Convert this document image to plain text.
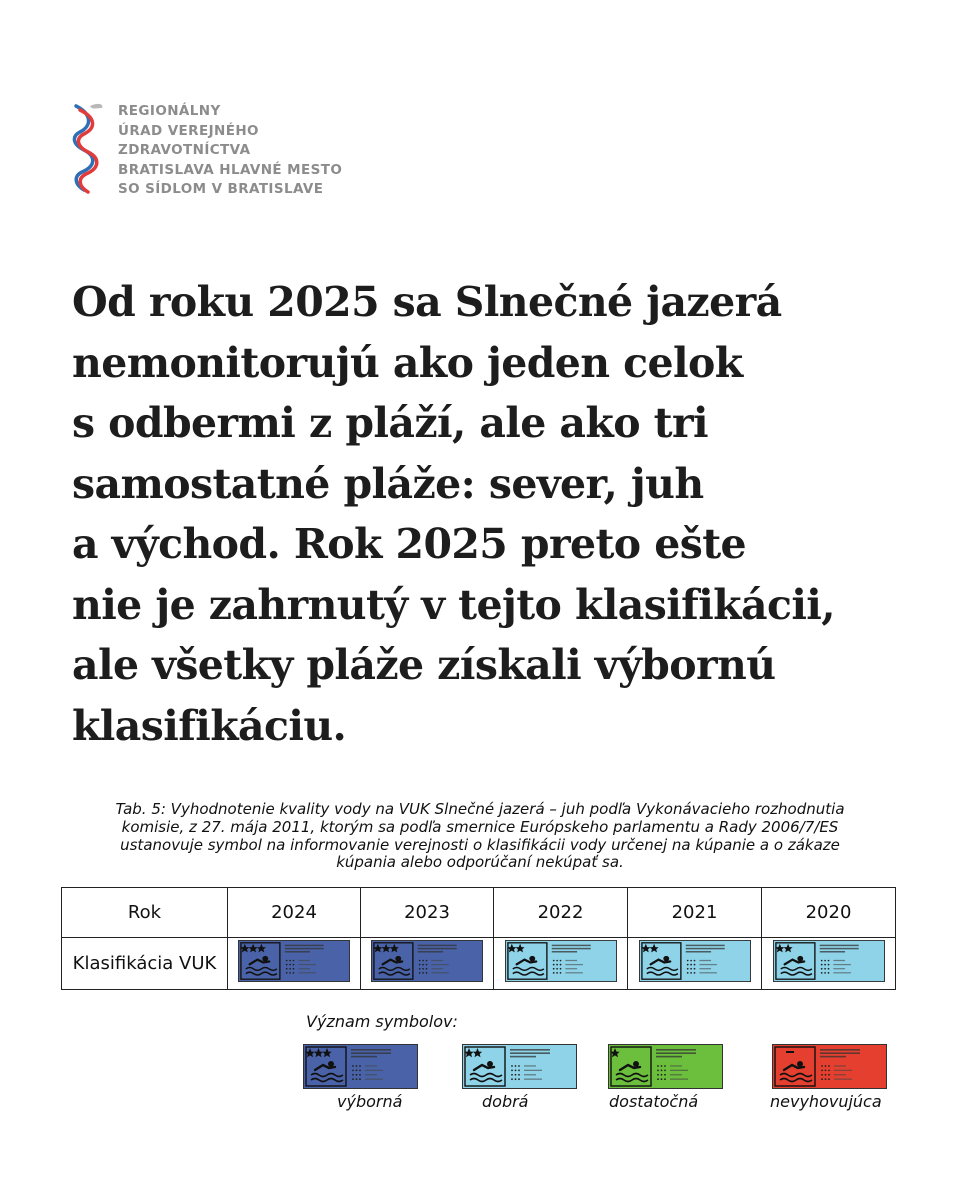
REGIONÁLNY
ÚRAD VEREJNÉHO
ZDRAVOTNÍCTVA
BRATISLAVA HLAVNÉ MESTO
SO SÍDLOM V BRATISLAVE
Od roku 2025 sa Slnečné jazerá
nemonitorujú ako jeden celok
s odbermi z pláží, ale ako tri
samostatné pláže: sever, juh
a východ. Rok 2025 preto ešte
nie je zahrnutý v tejto klasifikácii,
ale všetky pláže získali výbornú
klasifikáciu.
Tab. 5: Vyhodnotenie kvality vody na VUK Slnečné jazerá – juh podľa Vykonávacieho rozhodnutia
komisie, z 27. mája 2011, ktorým sa podľa smernice Európskeho parlamentu a Rady 2006/7/ES
ustanovuje symbol na informovanie verejnosti o klasifikácii vody určenej na kúpanie a o zákaze
kúpania alebo odporúčaní nekúpať sa.
Rok	2024	2023	2022	2021	2020
Klasifikácia VUK					
Význam symbolov:
výborná	dobrá	dostatočná	nevyhovujúca
